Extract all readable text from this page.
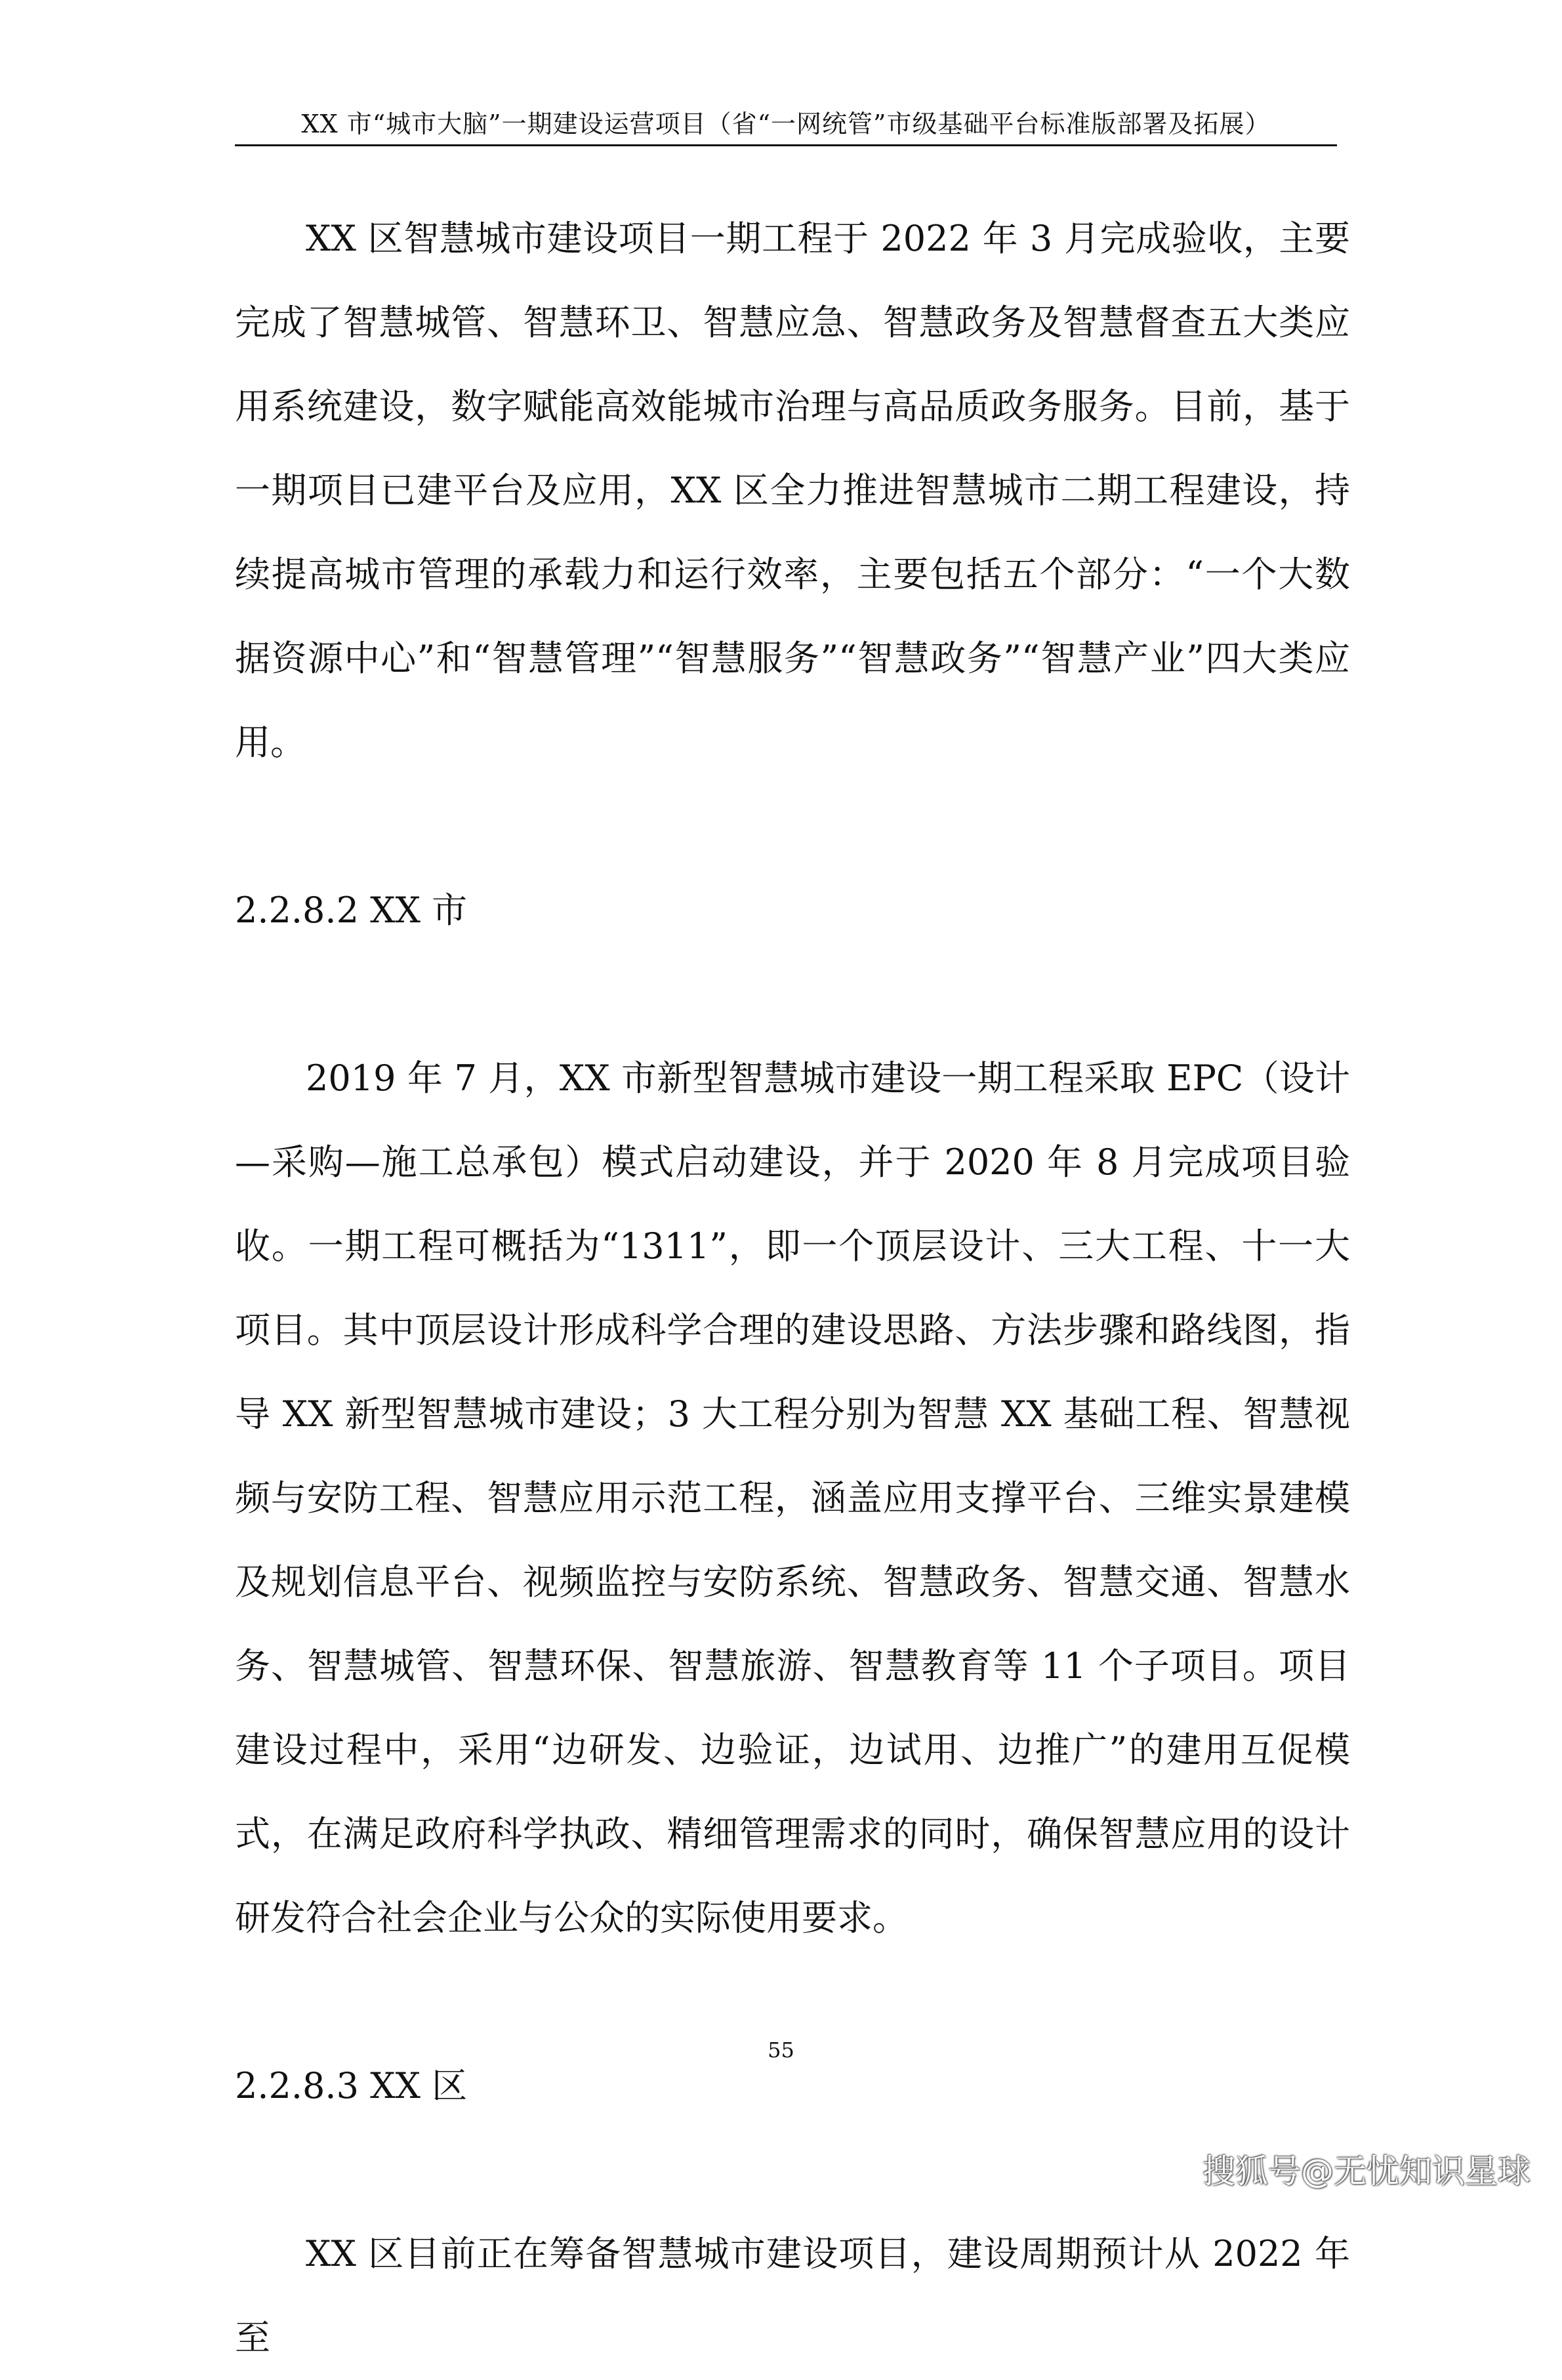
XX 市“城市大脑”一期建设运营项目（省“一网统管”市级基础平台标准版部署及拓展）

XX 区智慧城市建设项目一期工程于 2022 年 3 月完成验收，主要完成了智慧城管、智慧环卫、智慧应急、智慧政务及智慧督查五大类应用系统建设，数字赋能高效能城市治理与高品质政务服务。目前，基于一期项目已建平台及应用，XX 区全力推进智慧城市二期工程建设，持续提高城市管理的承载力和运行效率，主要包括五个部分：“一个大数据资源中心”和“智慧管理”“智慧服务”“智慧政务”“智慧产业”四大类应用。

2.2.8.2 XX 市

2019 年 7 月，XX 市新型智慧城市建设一期工程采取 EPC（设计—采购—施工总承包）模式启动建设，并于 2020 年 8 月完成项目验收。一期工程可概括为“1311”，即一个顶层设计、三大工程、十一大项目。其中顶层设计形成科学合理的建设思路、方法步骤和路线图，指导 XX 新型智慧城市建设；3 大工程分别为智慧 XX 基础工程、智慧视频与安防工程、智慧应用示范工程，涵盖应用支撑平台、三维实景建模及规划信息平台、视频监控与安防系统、智慧政务、智慧交通、智慧水务、智慧城管、智慧环保、智慧旅游、智慧教育等 11 个子项目。项目建设过程中，采用“边研发、边验证，边试用、边推广”的建用互促模式，在满足政府科学执政、精细管理需求的同时，确保智慧应用的设计研发符合社会企业与公众的实际使用要求。

2.2.8.3 XX 区

XX 区目前正在筹备智慧城市建设项目，建设周期预计从 2022 年至

55
搜狐号@无忧知识星球
